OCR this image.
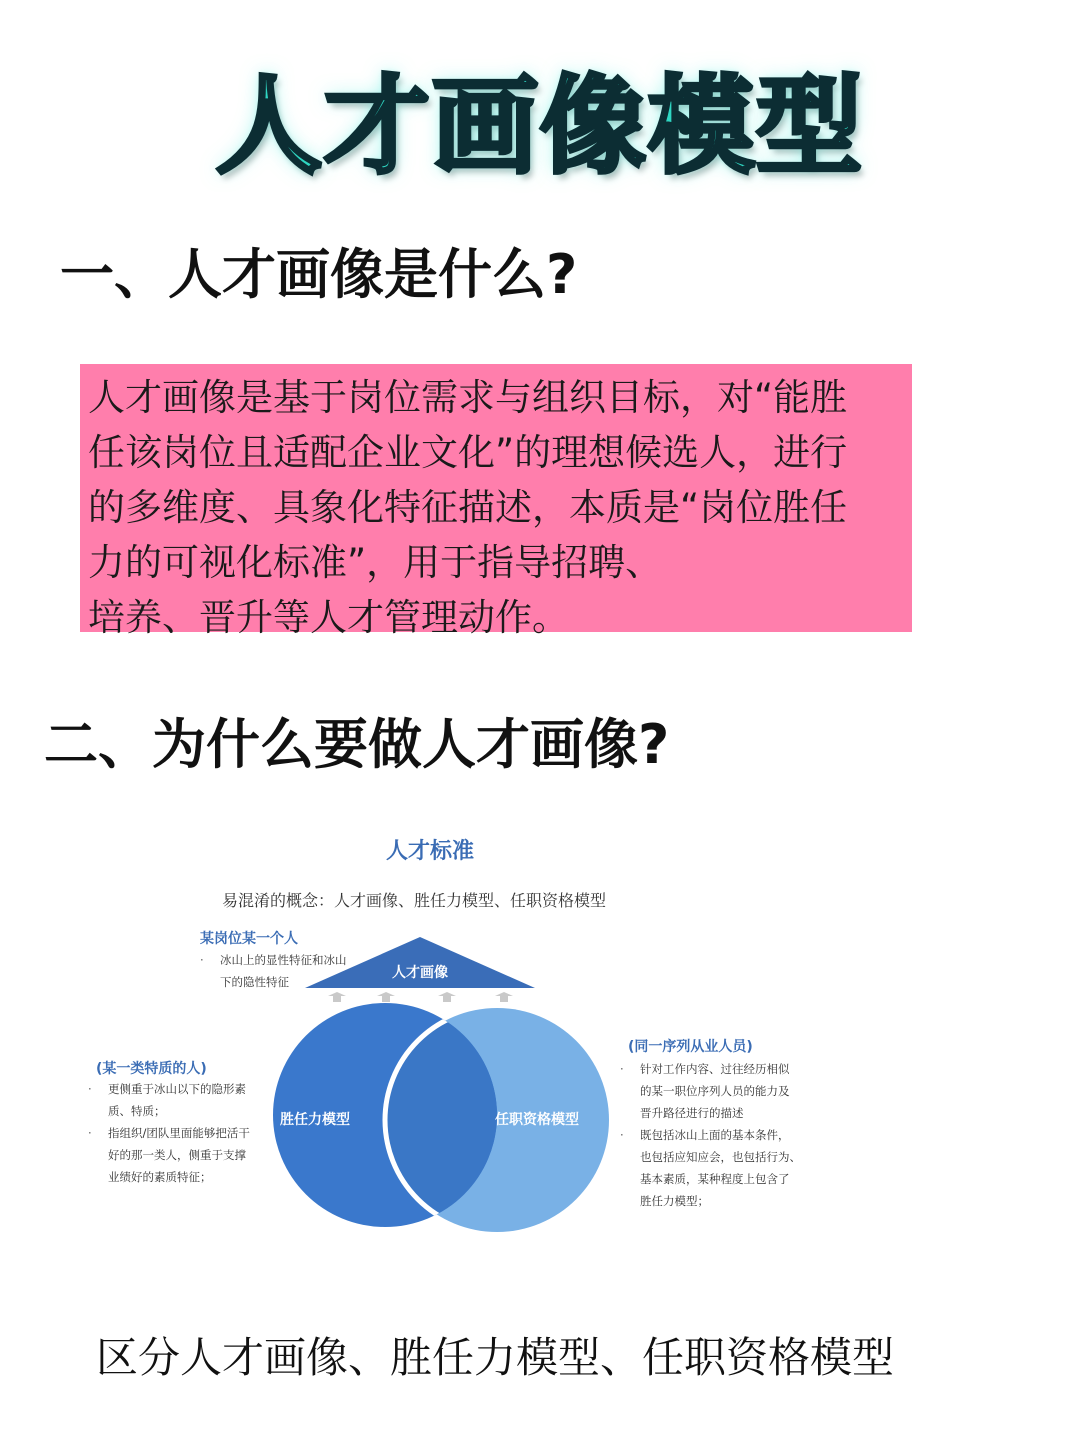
人才画像模型
一、人才画像是什么?

人才画像是基于岗位需求与组织目标，对“能胜
任该岗位且适配企业文化”的理想候选人，进行
的多维度、具象化特征描述，本质是“岗位胜任
力的可视化标准”，用于指导招聘、
培养、晋升等人才管理动作。

二、为什么要做人才画像?
人才画像
胜任力模型	任职资格模型
人才标准
易混淆的概念：人才画像、胜任力模型、任职资格模型
某岗位某一个人
· 冰山上的显性特征和冰山
下的隐性特征
(某一类特质的人)
· 更侧重于冰山以下的隐形素
质、特质；
· 指组织/团队里面能够把活干
好的那一类人，侧重于支撑
业绩好的素质特征；
(同一序列从业人员)
· 针对工作内容、过往经历相似
的某一职位序列人员的能力及
晋升路径进行的描述
· 既包括冰山上面的基本条件，
也包括应知应会，也包括行为、
基本素质，某种程度上包含了
胜任力模型；
区分人才画像、胜任力模型、任职资格模型
